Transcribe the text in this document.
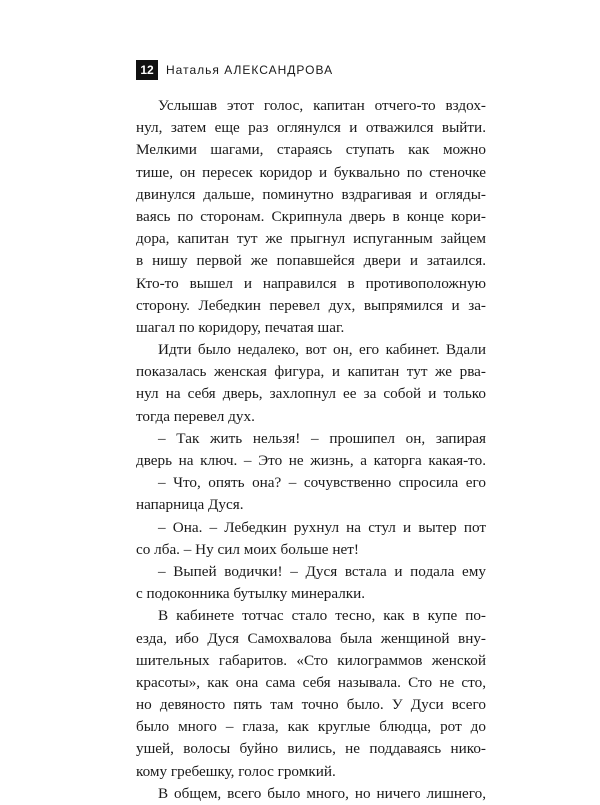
12	Наталья АЛЕКСАНДРОВА
Услышав этот голос, капитан отчего-то вздох-
нул, затем еще раз оглянулся и отважился выйти.
Мелкими шагами, стараясь ступать как можно
тише, он пересек коридор и буквально по стеночке
двинулся дальше, поминутно вздрагивая и огляды-
ваясь по сторонам. Скрипнула дверь в конце кори-
дора, капитан тут же прыгнул испуганным зайцем
в нишу первой же попавшейся двери и затаился.
Кто-то вышел и направился в противоположную
сторону. Лебедкин перевел дух, выпрямился и за-
шагал по коридору, печатая шаг.
Идти было недалеко, вот он, его кабинет. Вдали
показалась женская фигура, и капитан тут же рва-
нул на себя дверь, захлопнул ее за собой и только
тогда перевел дух.
– Так жить нельзя! – прошипел он, запирая
дверь на ключ. – Это не жизнь, а каторга какая-то.
– Что, опять она? – сочувственно спросила его
напарница Дуся.
– Она. – Лебедкин рухнул на стул и вытер пот
со лба. – Ну сил моих больше нет!
– Выпей водички! – Дуся встала и подала ему
с подоконника бутылку минералки.
В кабинете тотчас стало тесно, как в купе по-
езда, ибо Дуся Самохвалова была женщиной вну-
шительных габаритов. «Сто килограммов женской
красоты», как она сама себя называла. Сто не сто,
но девяносто пять там точно было. У Дуси всего
было много – глаза, как круглые блюдца, рот до
ушей, волосы буйно вились, не поддаваясь нико-
кому гребешку, голос громкий.
В общем, всего было много, но ничего лишнего,
